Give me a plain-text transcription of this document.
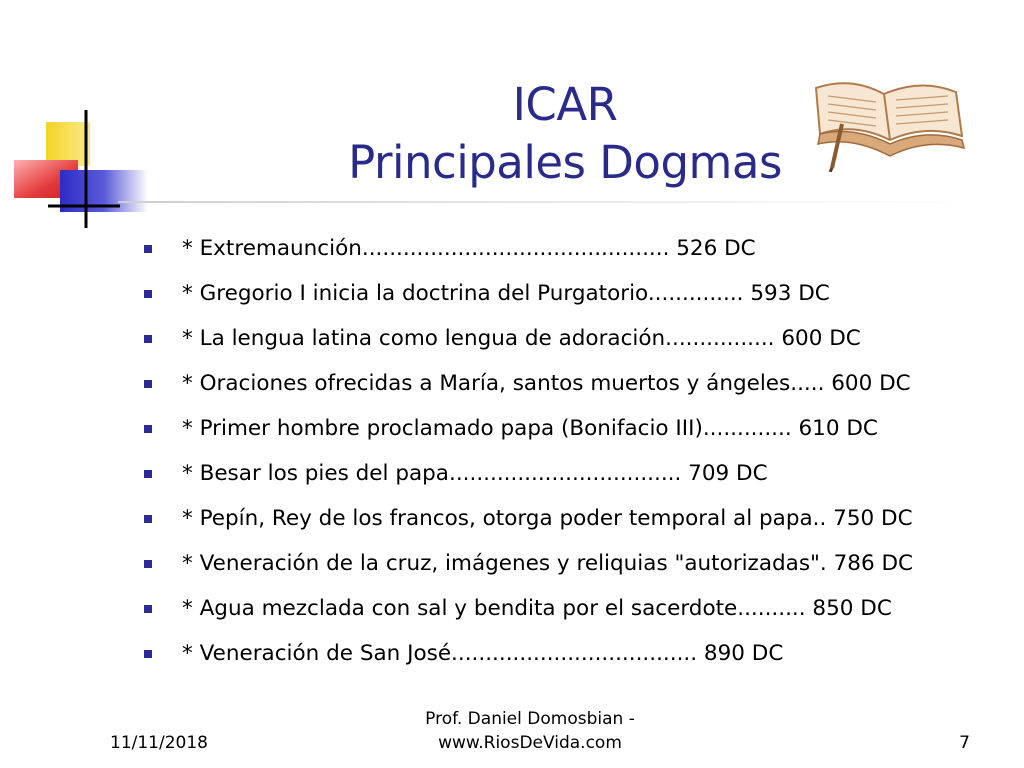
ICAR
Principales Dogmas
* Extremaunción............................................. 526 DC
* Gregorio I inicia la doctrina del Purgatorio.............. 593 DC
* La lengua latina como lengua de adoración................ 600 DC
* Oraciones ofrecidas a María, santos muertos y ángeles..... 600 DC
* Primer hombre proclamado papa (Bonifacio III)............. 610 DC
* Besar los pies del papa.................................. 709 DC
* Pepín, Rey de los francos, otorga poder temporal al papa.. 750 DC
* Veneración de la cruz, imágenes y reliquias "autorizadas". 786 DC
* Agua mezclada con sal y bendita por el sacerdote.......... 850 DC
* Veneración de San José.................................... 890 DC
11/11/2018
Prof. Daniel Domosbian -
www.RiosDeVida.com	7
